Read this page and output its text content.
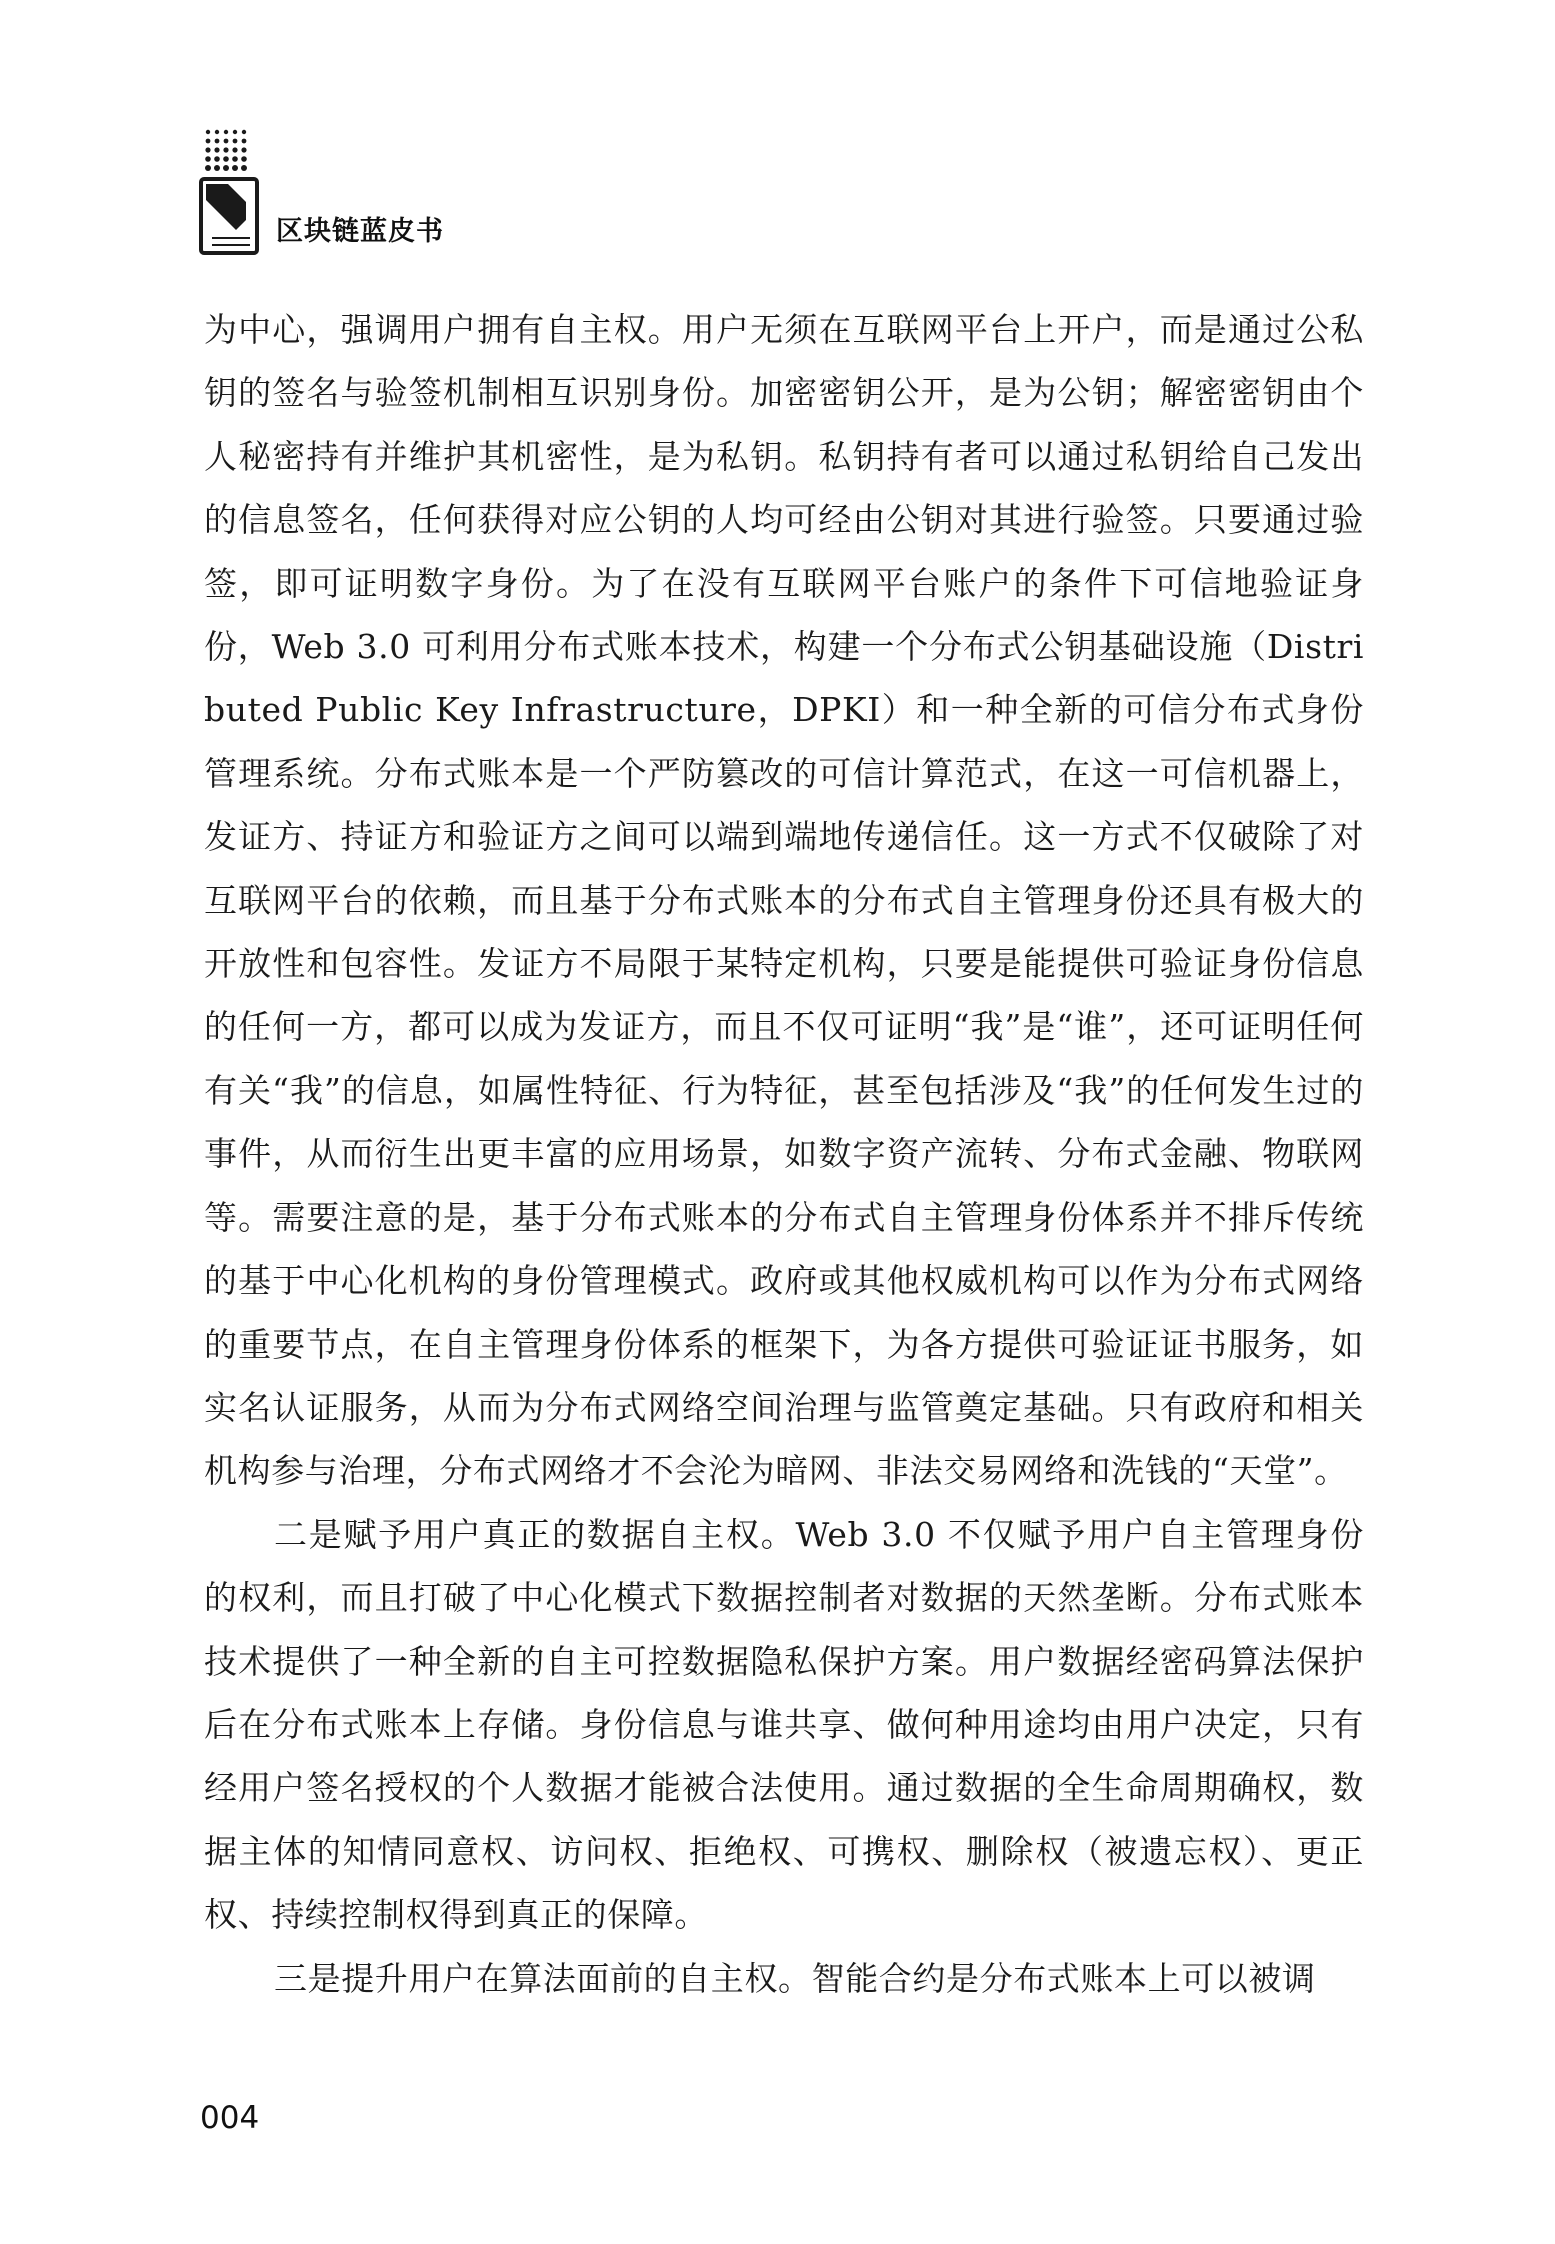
区块链蓝皮书

为中心，强调用户拥有自主权。用户无须在互联网平台上开户，而是通过公私钥的签名与验签机制相互识别身份。加密密钥公开，是为公钥；解密密钥由个人秘密持有并维护其机密性，是为私钥。私钥持有者可以通过私钥给自己发出的信息签名，任何获得对应公钥的人均可经由公钥对其进行验签。只要通过验签，即可证明数字身份。为了在没有互联网平台账户的条件下可信地验证身份，Web 3.0 可利用分布式账本技术，构建一个分布式公钥基础设施（Distributed Public Key Infrastructure，DPKI）和一种全新的可信分布式身份管理系统。分布式账本是一个严防篡改的可信计算范式，在这一可信机器上，发证方、持证方和验证方之间可以端到端地传递信任。这一方式不仅破除了对互联网平台的依赖，而且基于分布式账本的分布式自主管理身份还具有极大的开放性和包容性。发证方不局限于某特定机构，只要是能提供可验证身份信息的任何一方，都可以成为发证方，而且不仅可证明“我”是“谁”，还可证明任何有关“我”的信息，如属性特征、行为特征，甚至包括涉及“我”的任何发生过的事件，从而衍生出更丰富的应用场景，如数字资产流转、分布式金融、物联网等。需要注意的是，基于分布式账本的分布式自主管理身份体系并不排斥传统的基于中心化机构的身份管理模式。政府或其他权威机构可以作为分布式网络的重要节点，在自主管理身份体系的框架下，为各方提供可验证证书服务，如实名认证服务，从而为分布式网络空间治理与监管奠定基础。只有政府和相关机构参与治理，分布式网络才不会沦为暗网、非法交易网络和洗钱的“天堂”。

二是赋予用户真正的数据自主权。Web 3.0 不仅赋予用户自主管理身份的权利，而且打破了中心化模式下数据控制者对数据的天然垄断。分布式账本技术提供了一种全新的自主可控数据隐私保护方案。用户数据经密码算法保护后在分布式账本上存储。身份信息与谁共享、做何种用途均由用户决定，只有经用户签名授权的个人数据才能被合法使用。通过数据的全生命周期确权，数据主体的知情同意权、访问权、拒绝权、可携权、删除权（被遗忘权）、更正权、持续控制权得到真正的保障。

三是提升用户在算法面前的自主权。智能合约是分布式账本上可以被调

004
